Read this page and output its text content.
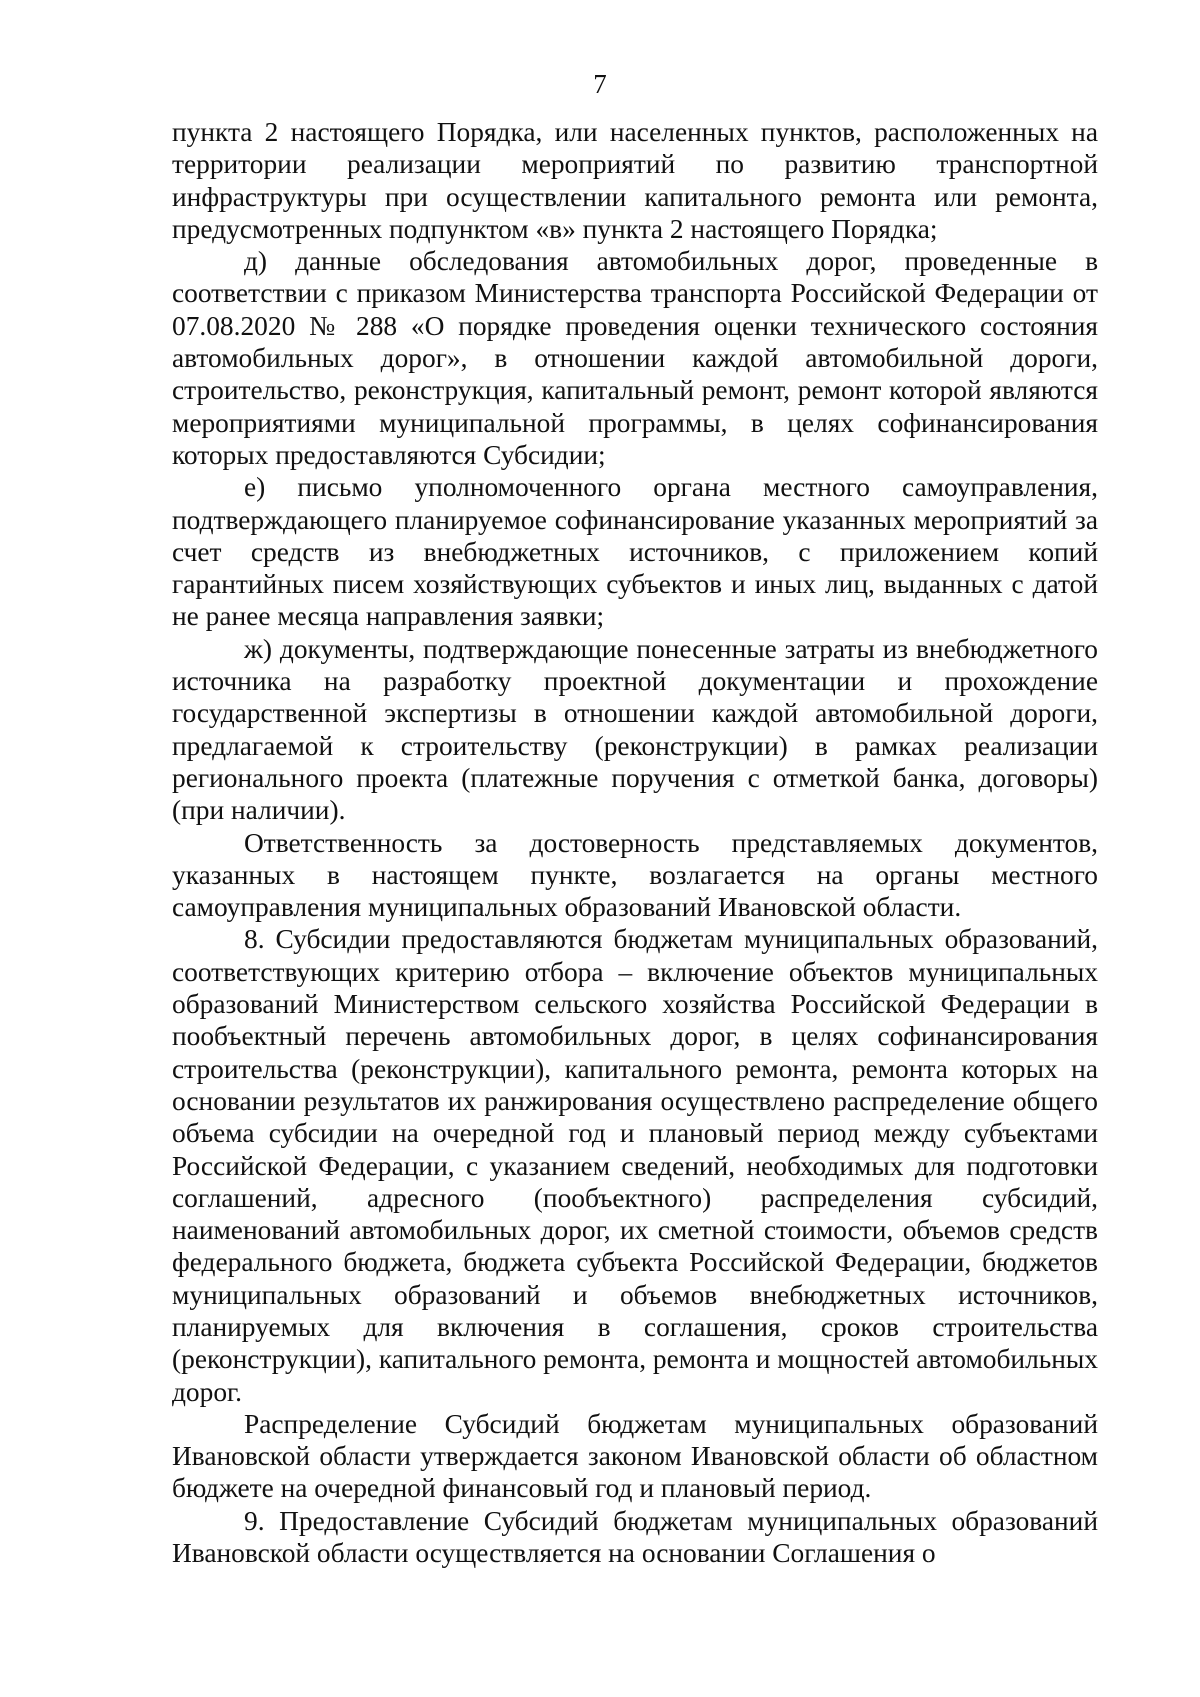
7

пункта 2 настоящего Порядка, или населенных пунктов, расположенных на территории реализации мероприятий по развитию транспортной инфраструктуры при осуществлении капитального ремонта или ремонта, предусмотренных подпунктом «в» пункта 2 настоящего Порядка;

д) данные обследования автомобильных дорог, проведенные в соответствии с приказом Министерства транспорта Российской Федерации от 07.08.2020 № 288 «О порядке проведения оценки технического состояния автомобильных дорог», в отношении каждой автомобильной дороги, строительство, реконструкция, капитальный ремонт, ремонт которой являются мероприятиями муниципальной программы, в целях софинансирования которых предоставляются Субсидии;

е) письмо уполномоченного органа местного самоуправления, подтверждающего планируемое софинансирование указанных мероприятий за счет средств из внебюджетных источников, с приложением копий гарантийных писем хозяйствующих субъектов и иных лиц, выданных с датой не ранее месяца направления заявки;

ж) документы, подтверждающие понесенные затраты из внебюджетного источника на разработку проектной документации и прохождение государственной экспертизы в отношении каждой автомобильной дороги, предлагаемой к строительству (реконструкции) в рамках реализации регионального проекта (платежные поручения с отметкой банка, договоры) (при наличии).

Ответственность за достоверность представляемых документов, указанных в настоящем пункте, возлагается на органы местного самоуправления муниципальных образований Ивановской области.

8. Субсидии предоставляются бюджетам муниципальных образований, соответствующих критерию отбора – включение объектов муниципальных образований Министерством сельского хозяйства Российской Федерации в пообъектный перечень автомобильных дорог, в целях софинансирования строительства (реконструкции), капитального ремонта, ремонта которых на основании результатов их ранжирования осуществлено распределение общего объема субсидии на очередной год и плановый период между субъектами Российской Федерации, с указанием сведений, необходимых для подготовки соглашений, адресного (пообъектного) распределения субсидий, наименований автомобильных дорог, их сметной стоимости, объемов средств федерального бюджета, бюджета субъекта Российской Федерации, бюджетов муниципальных образований и объемов внебюджетных источников, планируемых для включения в соглашения, сроков строительства (реконструкции), капитального ремонта, ремонта и мощностей автомобильных дорог.

Распределение Субсидий бюджетам муниципальных образований Ивановской области утверждается законом Ивановской области об областном бюджете на очередной финансовый год и плановый период.

9. Предоставление Субсидий бюджетам муниципальных образований Ивановской области осуществляется на основании Соглашения о
